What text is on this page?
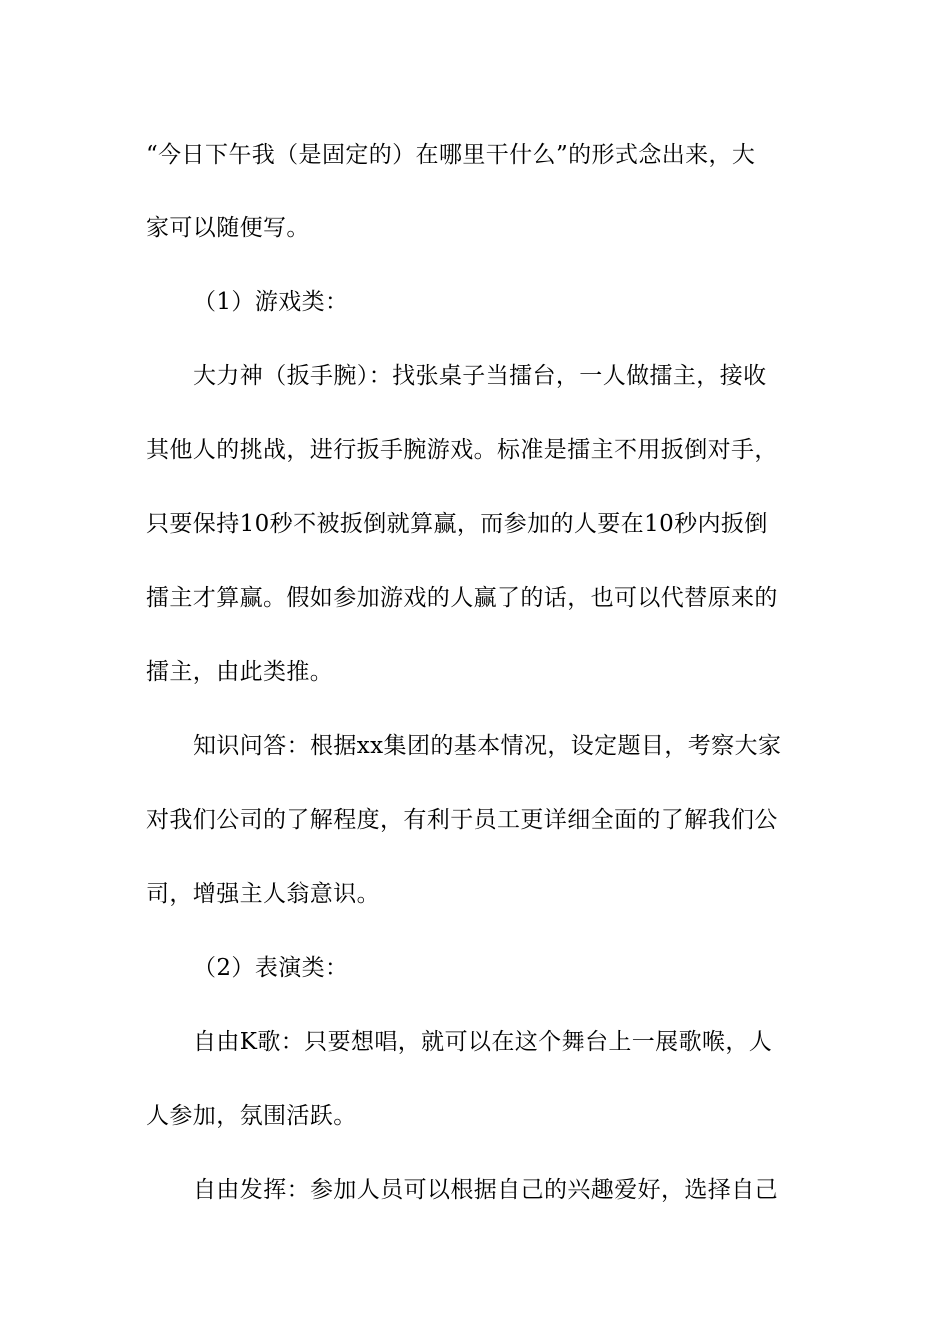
“今日下午我（是固定的）在哪里干什么”的形式念出来，大
家可以随便写。
（1）游戏类：
大力神（扳手腕）：找张桌子当擂台，一人做擂主，接收
其他人的挑战，进行扳手腕游戏。标准是擂主不用扳倒对手，
只要保持10秒不被扳倒就算赢，而参加的人要在10秒内扳倒
擂主才算赢。假如参加游戏的人赢了的话，也可以代替原来的
擂主，由此类推。
知识问答：根据xx集团的基本情况，设定题目，考察大家
对我们公司的了解程度，有利于员工更详细全面的了解我们公
司，增强主人翁意识。
（2）表演类：
自由K歌：只要想唱，就可以在这个舞台上一展歌喉，人
人参加，氛围活跃。
自由发挥：参加人员可以根据自己的兴趣爱好，选择自己
